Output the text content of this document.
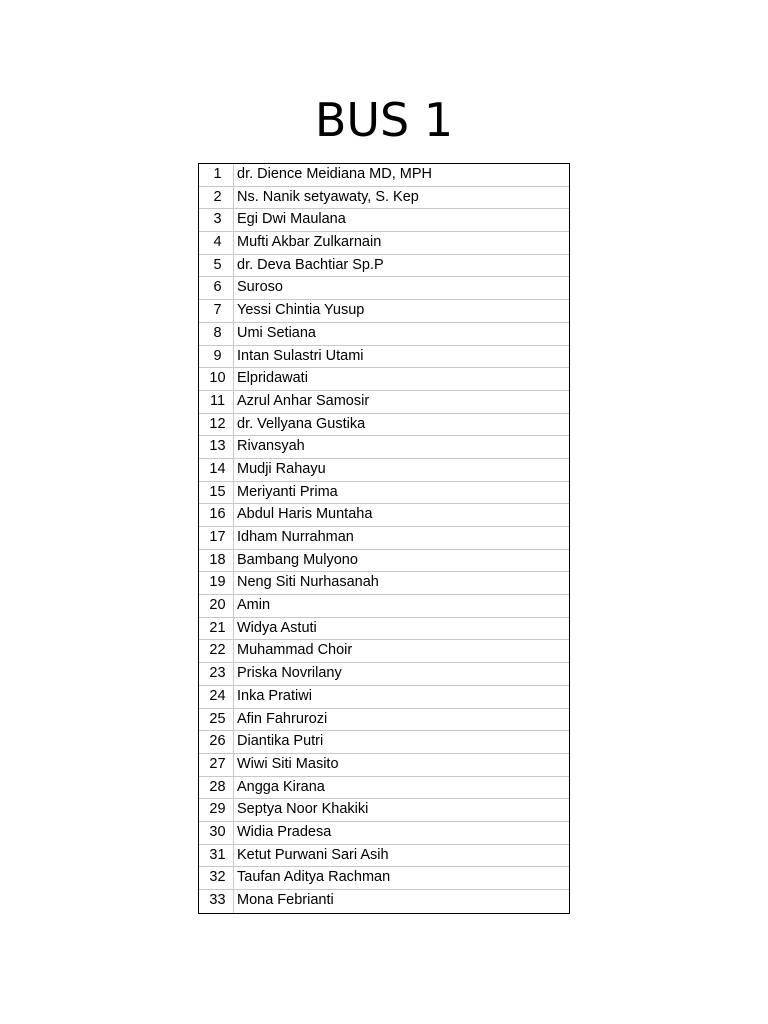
BUS 1
1	dr. Dience Meidiana MD, MPH
2	Ns. Nanik setyawaty, S. Kep
3	Egi Dwi Maulana
4	Mufti Akbar Zulkarnain
5	dr. Deva Bachtiar Sp.P
6	Suroso
7	Yessi Chintia Yusup
8	Umi Setiana
9	Intan Sulastri Utami
10 Elpridawati
11 Azrul Anhar Samosir
12 dr. Vellyana Gustika
13 Rivansyah
14 Mudji Rahayu
15 Meriyanti Prima
16 Abdul Haris Muntaha
17 Idham Nurrahman
18 Bambang Mulyono
19 Neng Siti Nurhasanah
20 Amin
21 Widya Astuti
22 Muhammad Choir
23 Priska Novrilany
24 Inka Pratiwi
25 Afin Fahrurozi
26 Diantika Putri
27 Wiwi Siti Masito
28 Angga Kirana
29 Septya Noor Khakiki
30 Widia Pradesa
31 Ketut Purwani Sari Asih
32 Taufan Aditya Rachman
33 Mona Febrianti
